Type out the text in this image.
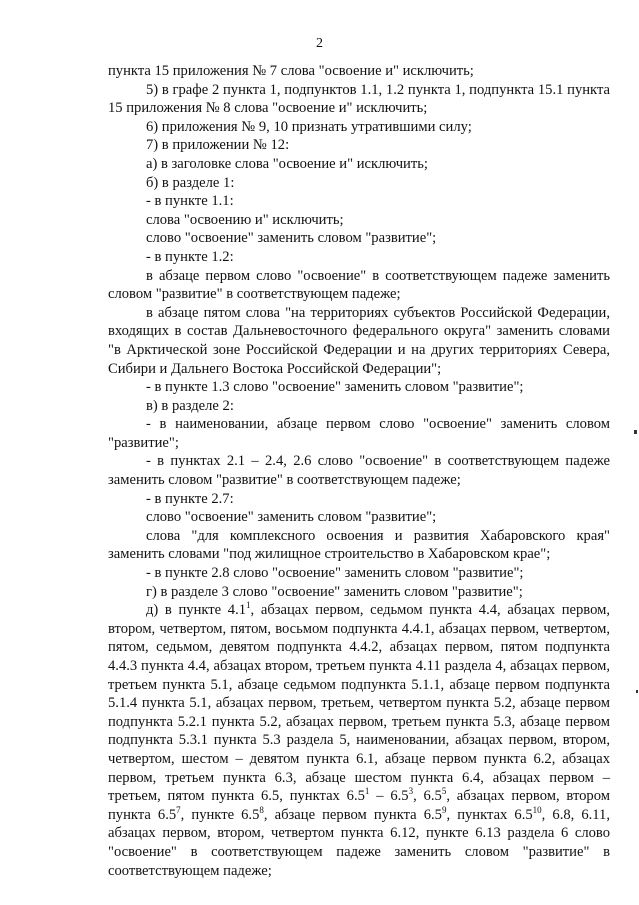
2

пункта 15 приложения № 7 слова "освоение и" исключить;

5) в графе 2 пункта 1, подпунктов 1.1, 1.2 пункта 1, подпункта 15.1 пункта 15 приложения № 8 слова "освоение и" исключить;

6) приложения № 9, 10 признать утратившими силу;

7) в приложении № 12:

а) в заголовке слова "освоение и" исключить;

б) в разделе 1:

- в пункте 1.1:

слова "освоению и" исключить;

слово "освоение" заменить словом "развитие";

- в пункте 1.2:

в абзаце первом слово "освоение" в соответствующем падеже заменить словом "развитие" в соответствующем падеже;

в абзаце пятом слова "на территориях субъектов Российской Федерации, входящих в состав Дальневосточного федерального округа" заменить словами "в Арктической зоне Российской Федерации и на других территориях Севера, Сибири и Дальнего Востока Российской Федерации";

- в пункте 1.3 слово "освоение" заменить словом "развитие";

в) в разделе 2:

- в наименовании, абзаце первом слово "освоение" заменить словом "развитие";

- в пунктах 2.1 – 2.4, 2.6 слово "освоение" в соответствующем падеже заменить словом "развитие" в соответствующем падеже;

- в пункте 2.7:

слово "освоение" заменить словом "развитие";

слова "для комплексного освоения и развития Хабаровского края" заменить словами "под жилищное строительство в Хабаровском крае";

- в пункте 2.8 слово "освоение" заменить словом "развитие";

г) в разделе 3 слово "освоение" заменить словом "развитие";

д) в пункте $4.1^1$, абзацах первом, седьмом пункта 4.4, абзацах первом, втором, четвертом, пятом, восьмом подпункта 4.4.1, абзацах первом, четвертом, пятом, седьмом, девятом подпункта 4.4.2, абзацах первом, пятом подпункта 4.4.3 пункта 4.4, абзацах втором, третьем пункта 4.11 раздела 4, абзацах первом, третьем пункта 5.1, абзаце седьмом подпункта 5.1.1, абзаце первом подпункта 5.1.4 пункта 5.1, абзацах первом, третьем, четвертом пункта 5.2, абзаце первом подпункта 5.2.1 пункта 5.2, абзацах первом, третьем пункта 5.3, абзаце первом подпункта 5.3.1 пункта 5.3 раздела 5, наименовании, абзацах первом, втором, четвертом, шестом – девятом пункта 6.1, абзаце первом пункта 6.2, абзацах первом, третьем пункта 6.3, абзаце шестом пункта 6.4, абзацах первом – третьем, пятом пункта 6.5, пунктах $6.5^1 - 6.5^3$, $6.5^5$, абзацах первом, втором пункта $6.5^7$, пункте $6.5^8$, абзаце первом пункта $6.5^9$, пунктах $6.5^{10}$, 6.8, 6.11, абзацах первом, втором, четвертом пункта 6.12, пункте 6.13 раздела 6 слово "освоение" в соответствующем падеже заменить словом "развитие" в соответствующем падеже;
